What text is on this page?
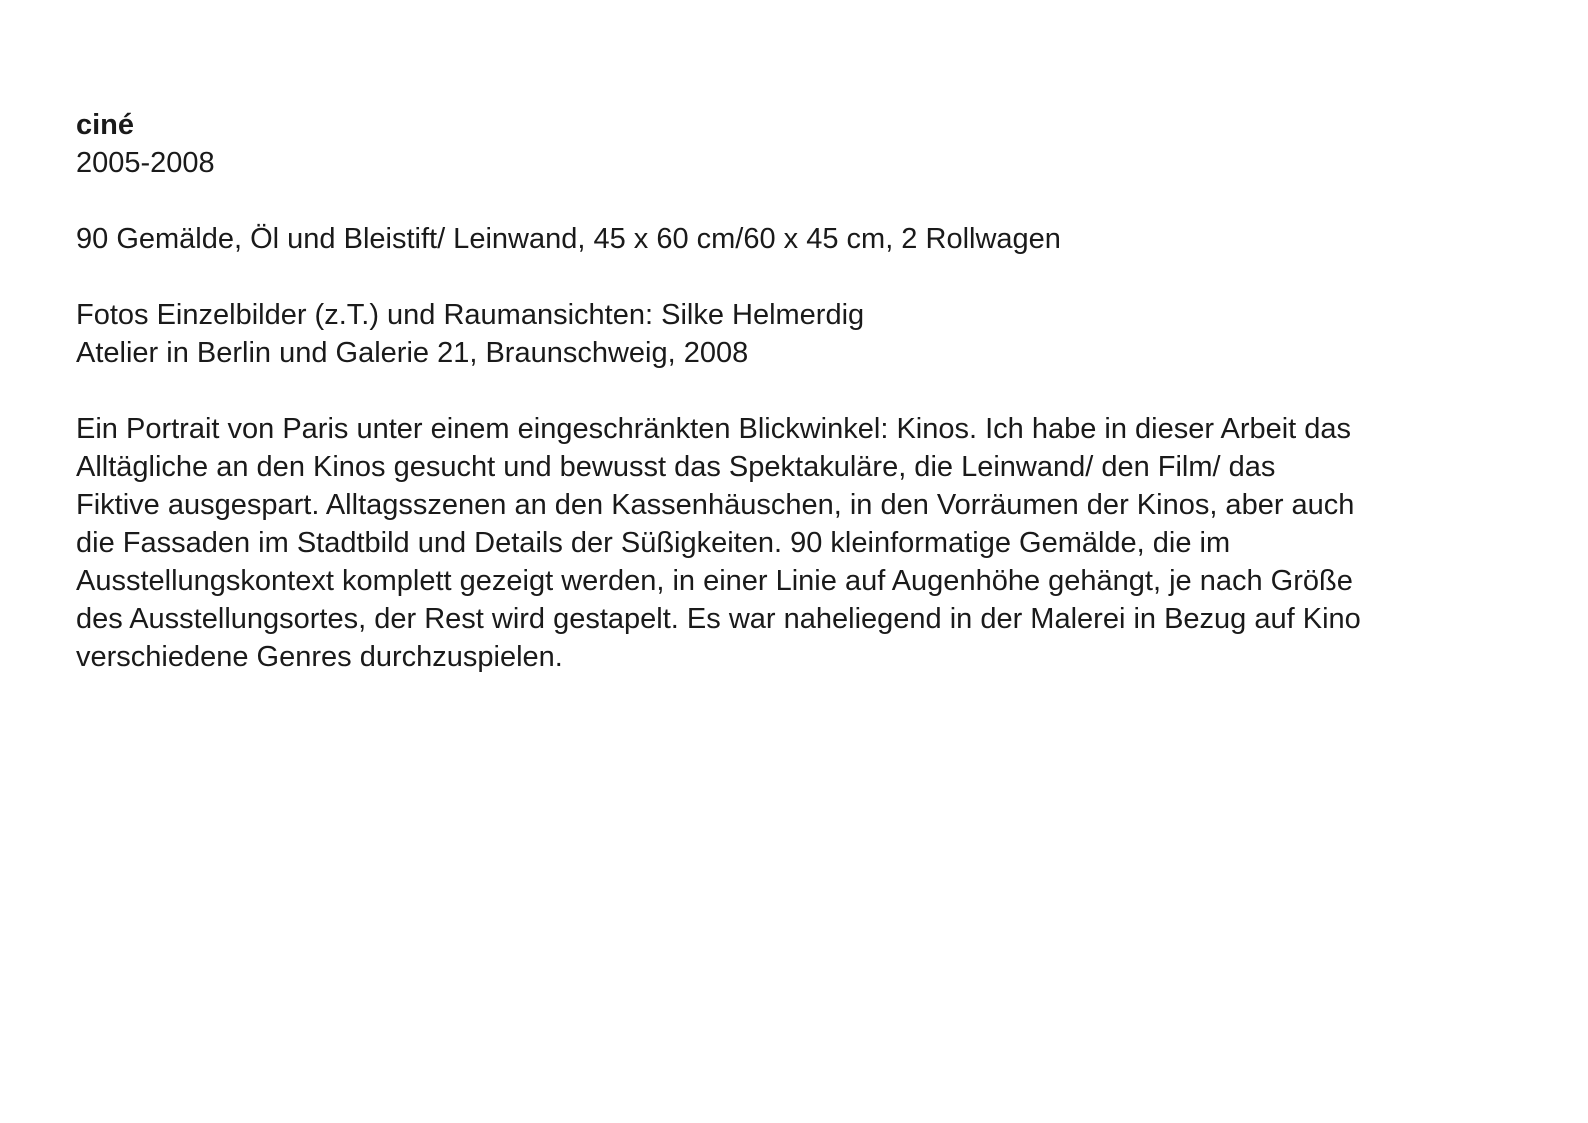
ciné
2005-2008
90 Gemälde, Öl und Bleistift/ Leinwand, 45 x 60 cm/60 x 45 cm, 2 Rollwagen
Fotos Einzelbilder (z.T.) und Raumansichten: Silke Helmerdig
Atelier in Berlin und Galerie 21, Braunschweig, 2008
Ein Portrait von Paris unter einem eingeschränkten Blickwinkel: Kinos. Ich habe in dieser Arbeit das
Alltägliche an den Kinos gesucht und bewusst das Spektakuläre, die Leinwand/ den Film/ das
Fiktive ausgespart. Alltagsszenen an den Kassenhäuschen, in den Vorräumen der Kinos, aber auch
die Fassaden im Stadtbild und Details der Süßigkeiten. 90 kleinformatige Gemälde, die im
Ausstellungskontext komplett gezeigt werden, in einer Linie auf Augenhöhe gehängt, je nach Größe
des Ausstellungsortes, der Rest wird gestapelt. Es war naheliegend in der Malerei in Bezug auf Kino
verschiedene Genres durchzuspielen.
